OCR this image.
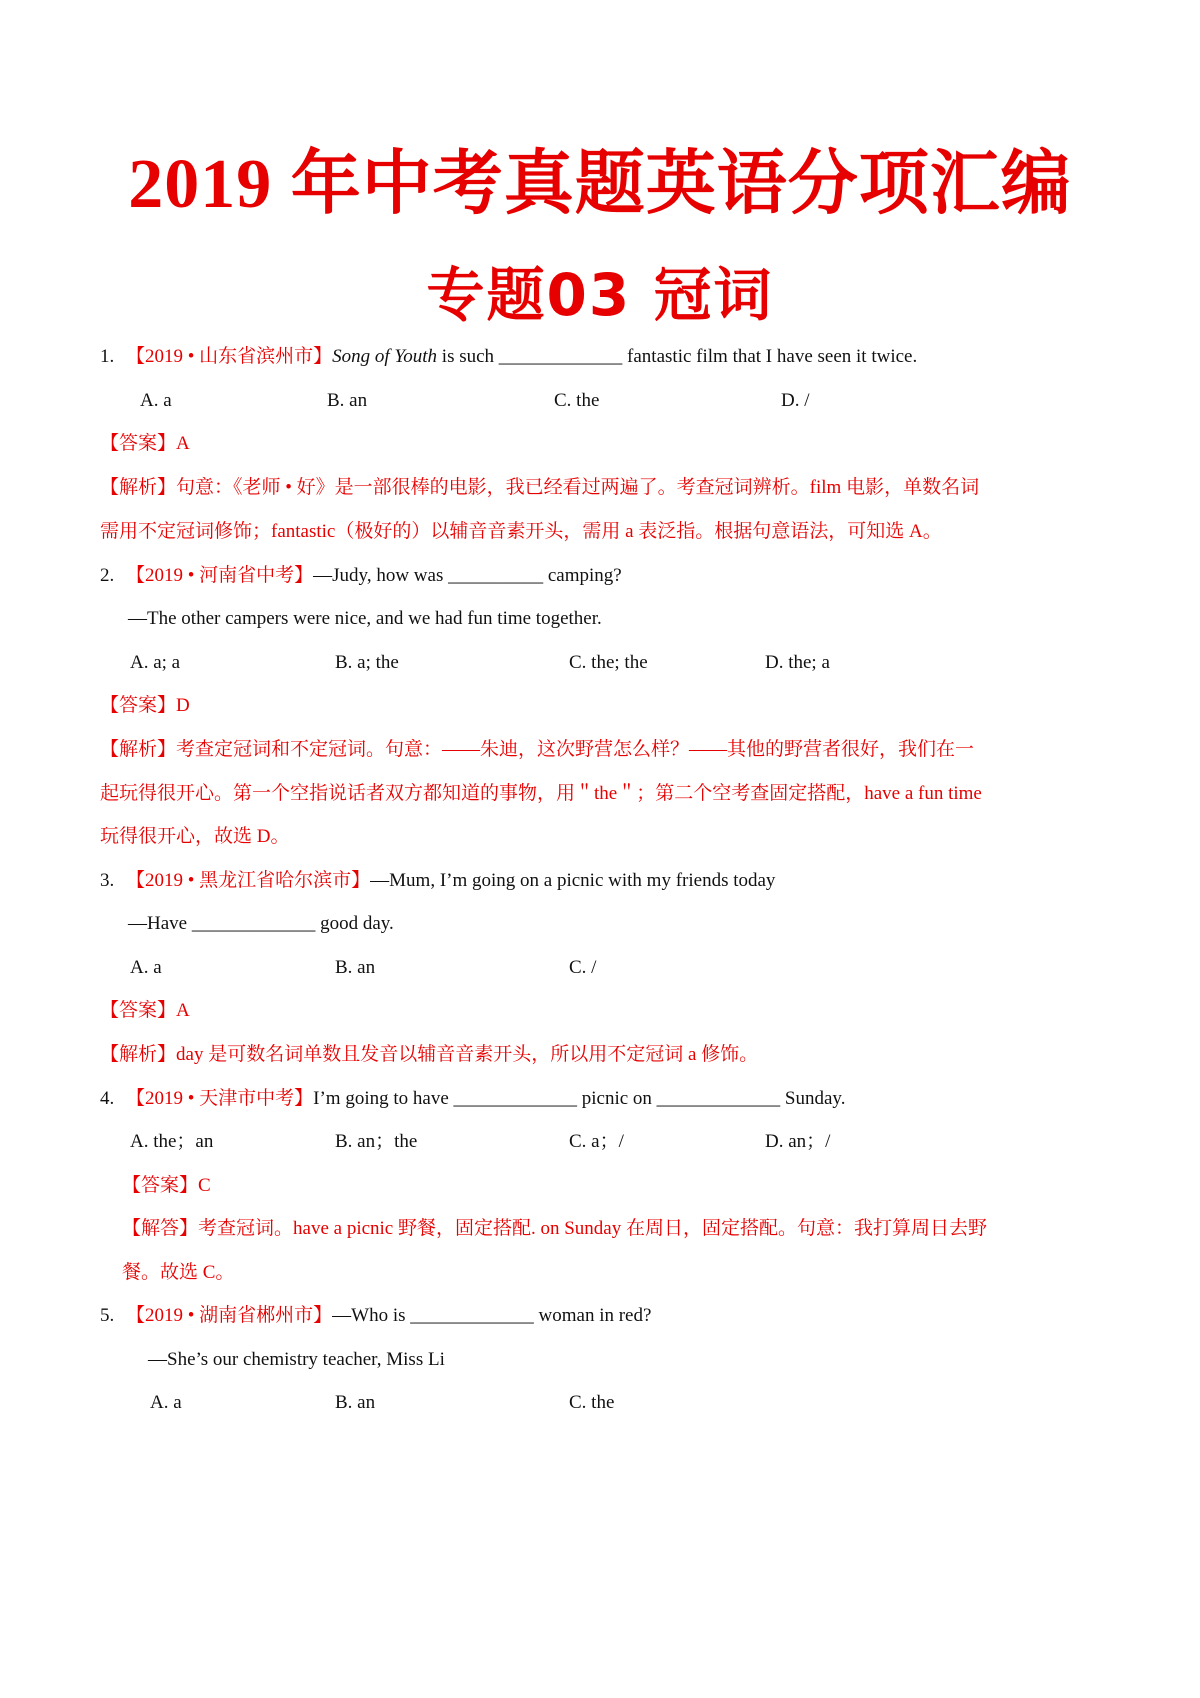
2019 年中考真题英语分项汇编
专题03 冠词
1. 【2019 • 山东省滨州市】Song of Youth is such _____________ fantastic film that I have seen it twice.
A. a	B. an	C. the	D. /
【答案】A
【解析】句意：《老师 • 好》是一部很棒的电影，我已经看过两遍了。考查冠词辨析。film 电影，单数名词
需用不定冠词修饰；fantastic（极好的）以辅音音素开头，需用 a 表泛指。根据句意语法，可知选 A。
2. 【2019 • 河南省中考】—Judy, how was __________ camping?
—The other campers were nice, and we had fun time together.
A. a; a	B. a; the	C. the; the	D. the; a
【答案】D
【解析】考查定冠词和不定冠词。句意：——朱迪，这次野营怎么样？——其他的野营者很好，我们在一
起玩得很开心。第一个空指说话者双方都知道的事物，用＂the＂；第二个空考查固定搭配，have a fun time
玩得很开心，故选 D。
3. 【2019 • 黑龙江省哈尔滨市】—Mum, I’m going on a picnic with my friends today
—Have _____________ good day.
A. a	B. an	C. /
【答案】A
【解析】day 是可数名词单数且发音以辅音音素开头，所以用不定冠词 a 修饰。
4. 【2019 • 天津市中考】I’m going to have _____________ picnic on _____________ Sunday.
A. the；an	B. an；the	C. a；/	D. an；/
【答案】C
【解答】考查冠词。have a picnic 野餐，固定搭配. on Sunday 在周日，固定搭配。句意：我打算周日去野
餐。故选 C。
5. 【2019 • 湖南省郴州市】—Who is _____________ woman in red?
—She’s our chemistry teacher, Miss Li
A. a	B. an	C. the
